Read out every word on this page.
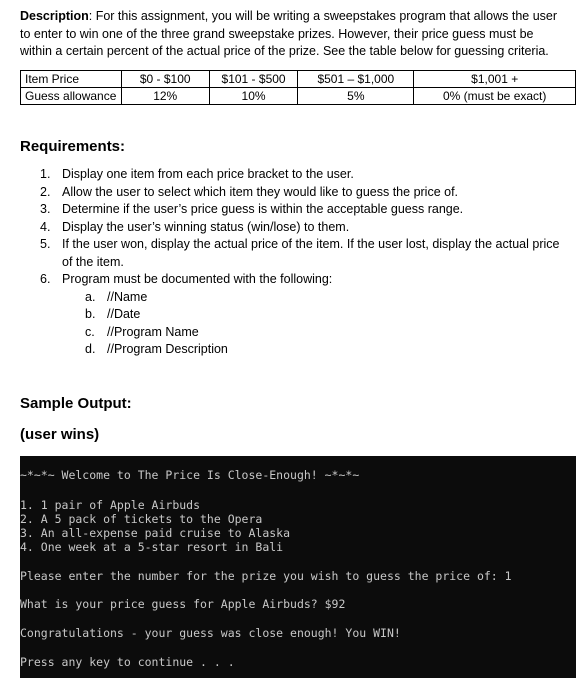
Description: For this assignment, you will be writing a sweepstakes program that allows the user to enter to win one of the three grand sweepstake prizes. However, their price guess must be within a certain percent of the actual price of the prize. See the table below for guessing criteria.
Item Price	$0 - $100	$101 - $500	$501 – $1,000	$1,001 +
Guess allowance	12%	10%	5%	0% (must be exact)
Requirements:
1. Display one item from each price bracket to the user.
2. Allow the user to select which item they would like to guess the price of.
3. Determine if the user’s price guess is within the acceptable guess range.
4. Display the user’s winning status (win/lose) to them.
5. If the user won, display the actual price of the item. If the user lost, display the actual price of the item.
6. Program must be documented with the following:
a. //Name
b. //Date
c. //Program Name
d. //Program Description
Sample Output:
(user wins)
~*~*~ Welcome to The Price Is Close-Enough! ~*~*~
1. 1 pair of Apple Airbuds
2. A 5 pack of tickets to the Opera
3. An all-expense paid cruise to Alaska
4. One week at a 5-star resort in Bali
Please enter the number for the prize you wish to guess the price of: 1
What is your price guess for Apple Airbuds? $92
Congratulations - your guess was close enough! You WIN!
Press any key to continue . . .
